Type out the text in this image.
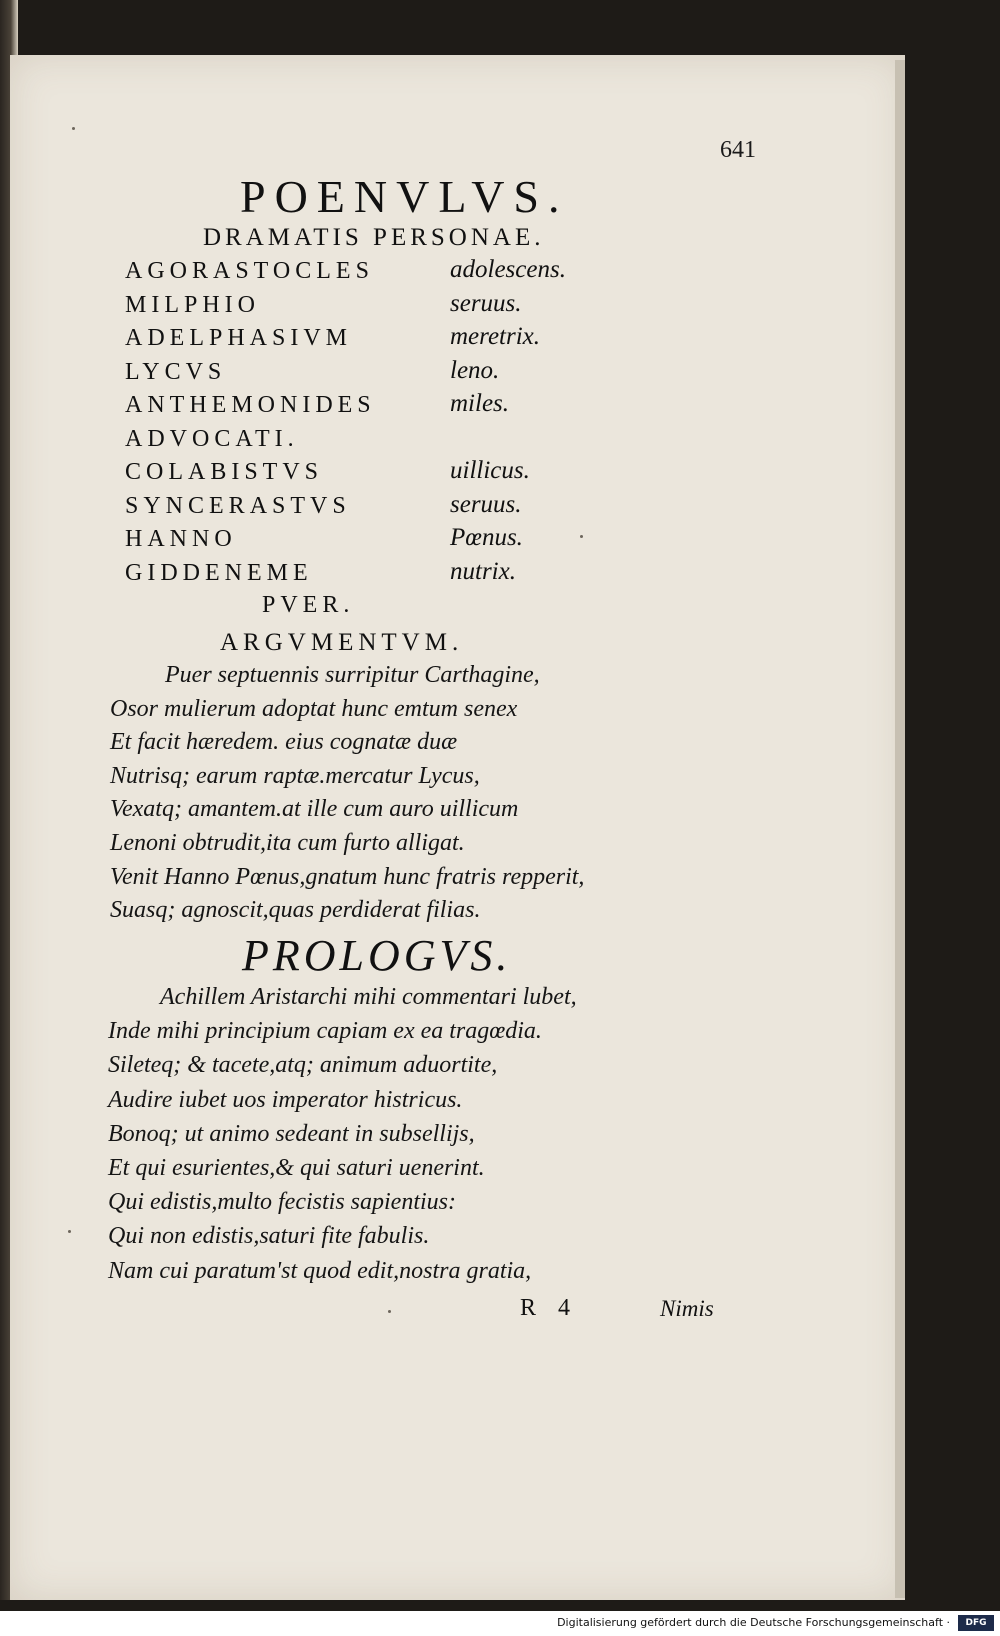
641
POENVLVS.
DRAMATIS PERSONAE.
AGORASTOCLES	adolescens.
MILPHIO	seruus.
ADELPHASIVM	meretrix.
LYCVS	leno.
ANTHEMONIDES	miles.
ADVOCATI.
COLABISTVS	uillicus.
SYNCERASTVS	seruus.
HANNO	Pœnus.
GIDDENEME	nutrix.
PVER.
ARGVMENTVM.
Puer septuennis surripitur Carthagine,
Osor mulierum adoptat hunc emtum senex
Et facit hæredem. eius cognatæ duæ
Nutrisq; earum raptæ.mercatur Lycus,
Vexatq; amantem.at ille cum auro uillicum
Lenoni obtrudit,ita cum furto alligat.
Venit Hanno Pœnus,gnatum hunc fratris repperit,
Suasq; agnoscit,quas perdiderat filias.
PROLOGVS.
Achillem Aristarchi mihi commentari lubet,
Inde mihi principium capiam ex ea tragœdia.
Sileteq; & tacete,atq; animum aduortite,
Audire iubet uos imperator histricus.
Bonoq; ut animo sedeant in subsellijs,
Et qui esurientes,& qui saturi uenerint.
Qui edistis,multo fecistis sapientius:
Qui non edistis,saturi fite fabulis.
Nam cui paratum'st quod edit,nostra gratia,
R 4	Nimis
Digitalisierung gefördert durch die Deutsche Forschungsgemeinschaft ·	DFG
